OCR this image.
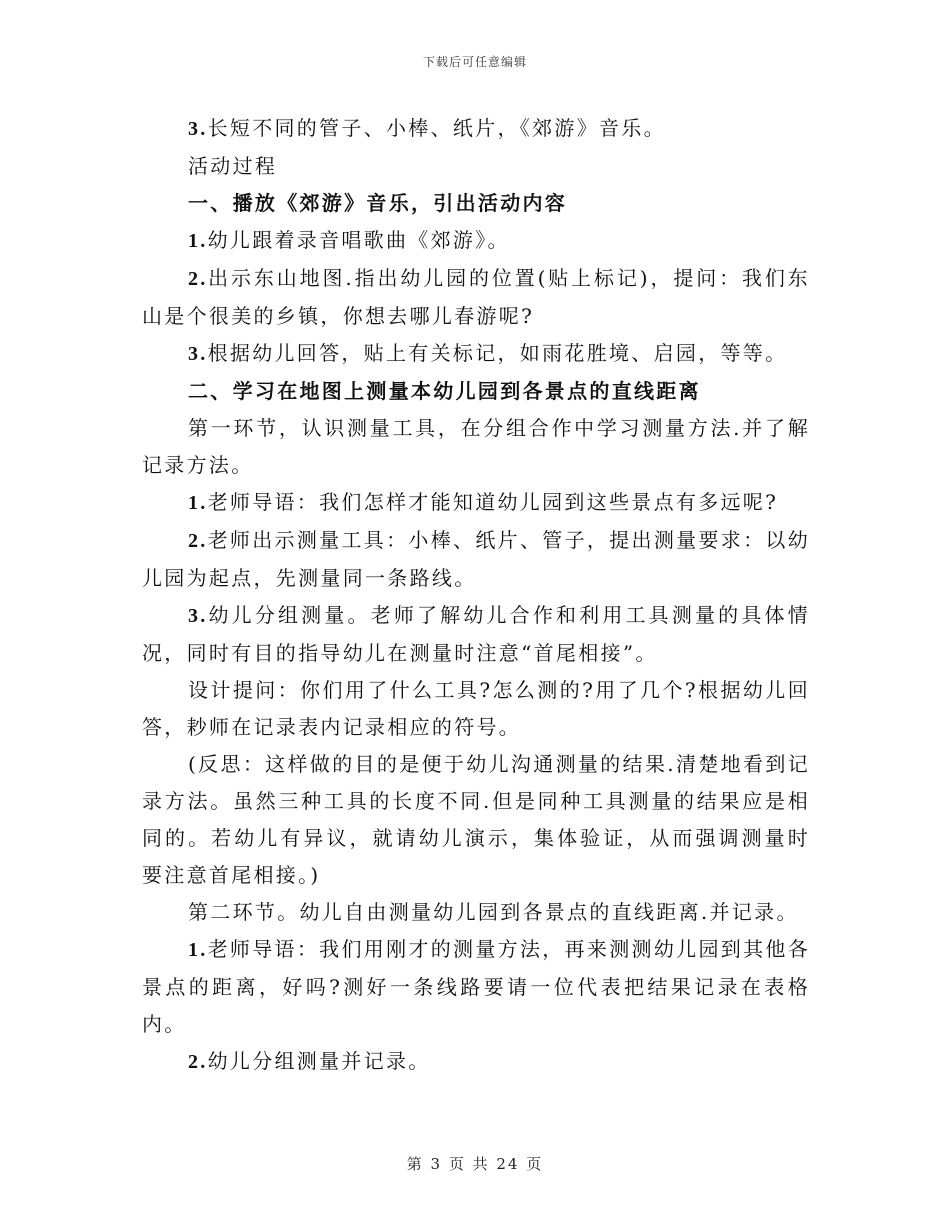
下载后可任意编辑

3.长短不同的管子、小棒、纸片，《郊游》音乐。

活动过程

一、播放《郊游》音乐，引出活动内容

1.幼儿跟着录音唱歌曲《郊游》。

2.出示东山地图.指出幼儿园的位置(贴上标记)，提问：我们东山是个很美的乡镇，你想去哪儿春游呢?

3.根据幼儿回答，贴上有关标记，如雨花胜境、启园，等等。

二、学习在地图上测量本幼儿园到各景点的直线距离

第一环节，认识测量工具，在分组合作中学习测量方法.并了解记录方法。

1.老师导语：我们怎样才能知道幼儿园到这些景点有多远呢?

2.老师出示测量工具：小棒、纸片、管子，提出测量要求：以幼儿园为起点，先测量同一条路线。

3.幼儿分组测量。老师了解幼儿合作和利用工具测量的具体情况，同时有目的指导幼儿在测量时注意“首尾相接”。

设计提问：你们用了什么工具?怎么测的?用了几个?根据幼儿回答，耖师在记录表内记录相应的符号。

(反思：这样做的目的是便于幼儿沟通测量的结果.清楚地看到记录方法。虽然三种工具的长度不同.但是同种工具测量的结果应是相同的。若幼儿有异议，就请幼儿演示，集体验证，从而强调测量时要注意首尾相接。)

第二环节。幼儿自由测量幼儿园到各景点的直线距离.并记录。

1.老师导语：我们用刚才的测量方法，再来测测幼儿园到其他各景点的距离，好吗?测好一条线路要请一位代表把结果记录在表格内。

2.幼儿分组测量并记录。

第 3 页 共 24 页
